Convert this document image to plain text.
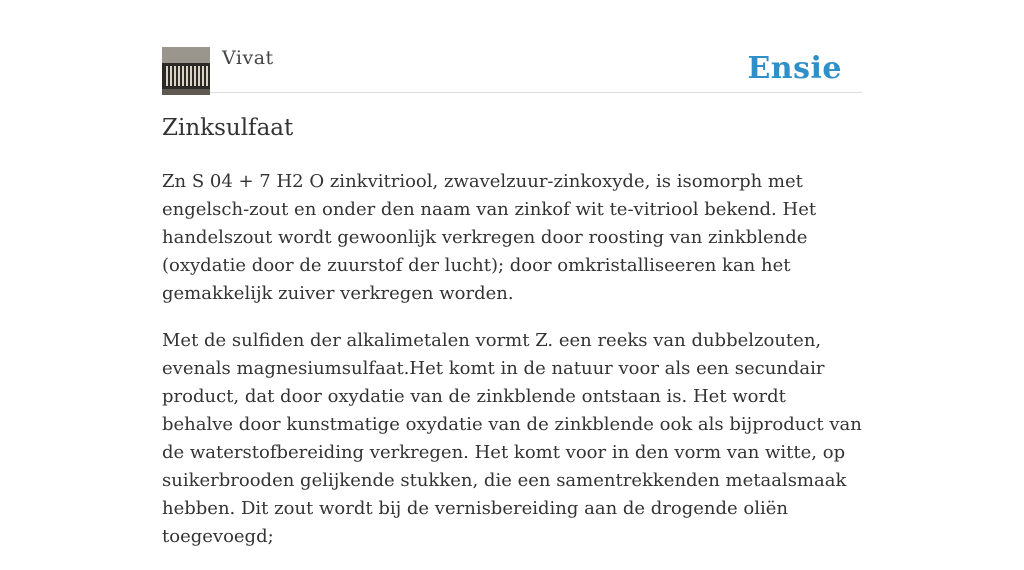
Vivat	Ensie
Zinksulfaat

Zn S 04 + 7 H2 O zinkvitriool, zwavelzuur-zinkoxyde, is isomorph met engelsch-zout en onder den naam van zinkof wit te-vitriool bekend. Het handelszout wordt gewoonlijk verkregen door roosting van zinkblende (oxydatie door de zuurstof der lucht); door omkristalliseeren kan het gemakkelijk zuiver verkregen worden.

Met de sulfiden der alkalimetalen vormt Z. een reeks van dubbelzouten, evenals magnesiumsulfaat.Het komt in de natuur voor als een secundair product, dat door oxydatie van de zinkblende ontstaan is. Het wordt behalve door kunstmatige oxydatie van de zinkblende ook als bijproduct van de waterstofbereiding verkregen. Het komt voor in den vorm van witte, op suikerbrooden gelijkende stukken, die een samentrekkenden metaalsmaak hebben. Dit zout wordt bij de vernisbereiding aan de drogende oliën toegevoegd;
